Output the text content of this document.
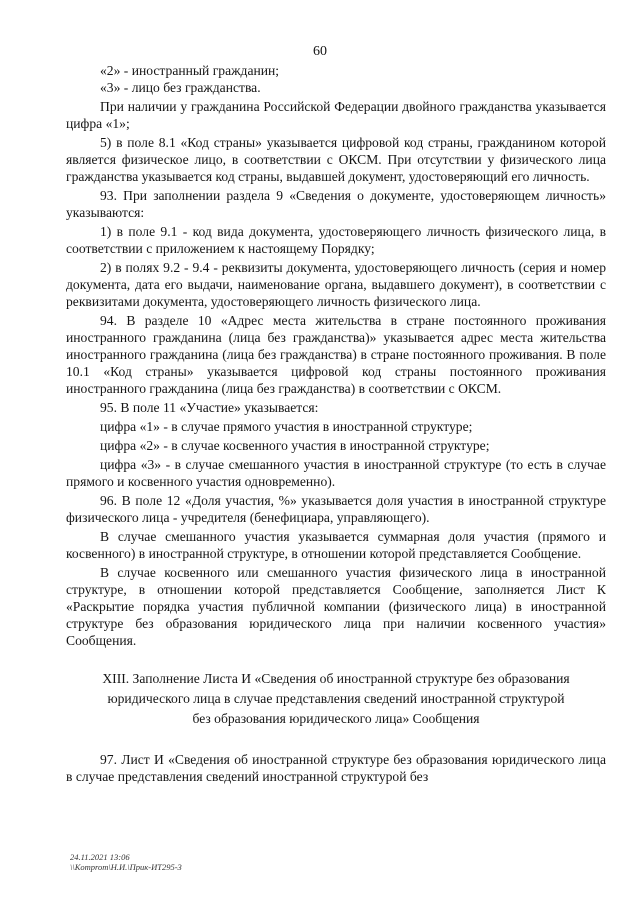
60

«2» - иностранный гражданин;

«3» - лицо без гражданства.

При наличии у гражданина Российской Федерации двойного гражданства указывается цифра «1»;

5) в поле 8.1 «Код страны» указывается цифровой код страны, гражданином которой является физическое лицо, в соответствии с ОКСМ. При отсутствии у физического лица гражданства указывается код страны, выдавшей документ, удостоверяющий его личность.

93. При заполнении раздела 9 «Сведения о документе, удостоверяющем личность» указываются:

1) в поле 9.1 - код вида документа, удостоверяющего личность физического лица, в соответствии с приложением к настоящему Порядку;

2) в полях 9.2 - 9.4 - реквизиты документа, удостоверяющего личность (серия и номер документа, дата его выдачи, наименование органа, выдавшего документ), в соответствии с реквизитами документа, удостоверяющего личность физического лица.

94. В разделе 10 «Адрес места жительства в стране постоянного проживания иностранного гражданина (лица без гражданства)» указывается адрес места жительства иностранного гражданина (лица без гражданства) в стране постоянного проживания. В поле 10.1 «Код страны» указывается цифровой код страны постоянного проживания иностранного гражданина (лица без гражданства) в соответствии с ОКСМ.

95. В поле 11 «Участие» указывается:

цифра «1» - в случае прямого участия в иностранной структуре;

цифра «2» - в случае косвенного участия в иностранной структуре;

цифра «3» - в случае смешанного участия в иностранной структуре (то есть в случае прямого и косвенного участия одновременно).

96. В поле 12 «Доля участия, %» указывается доля участия в иностранной структуре физического лица - учредителя (бенефициара, управляющего).

В случае смешанного участия указывается суммарная доля участия (прямого и косвенного) в иностранной структуре, в отношении которой представляется Сообщение.

В случае косвенного или смешанного участия физического лица в иностранной структуре, в отношении которой представляется Сообщение, заполняется Лист К «Раскрытие порядка участия публичной компании (физического лица) в иностранной структуре без образования юридического лица при наличии косвенного участия» Сообщения.

XIII. Заполнение Листа И «Сведения об иностранной структуре без образования
юридического лица в случае представления сведений иностранной структурой
без образования юридического лица» Сообщения

97. Лист И «Сведения об иностранной структуре без образования юридического лица в случае представления сведений иностранной структурой без

24.11.2021 13:06
\\Komprom\Н.И.\Прик-ИТ295-3
